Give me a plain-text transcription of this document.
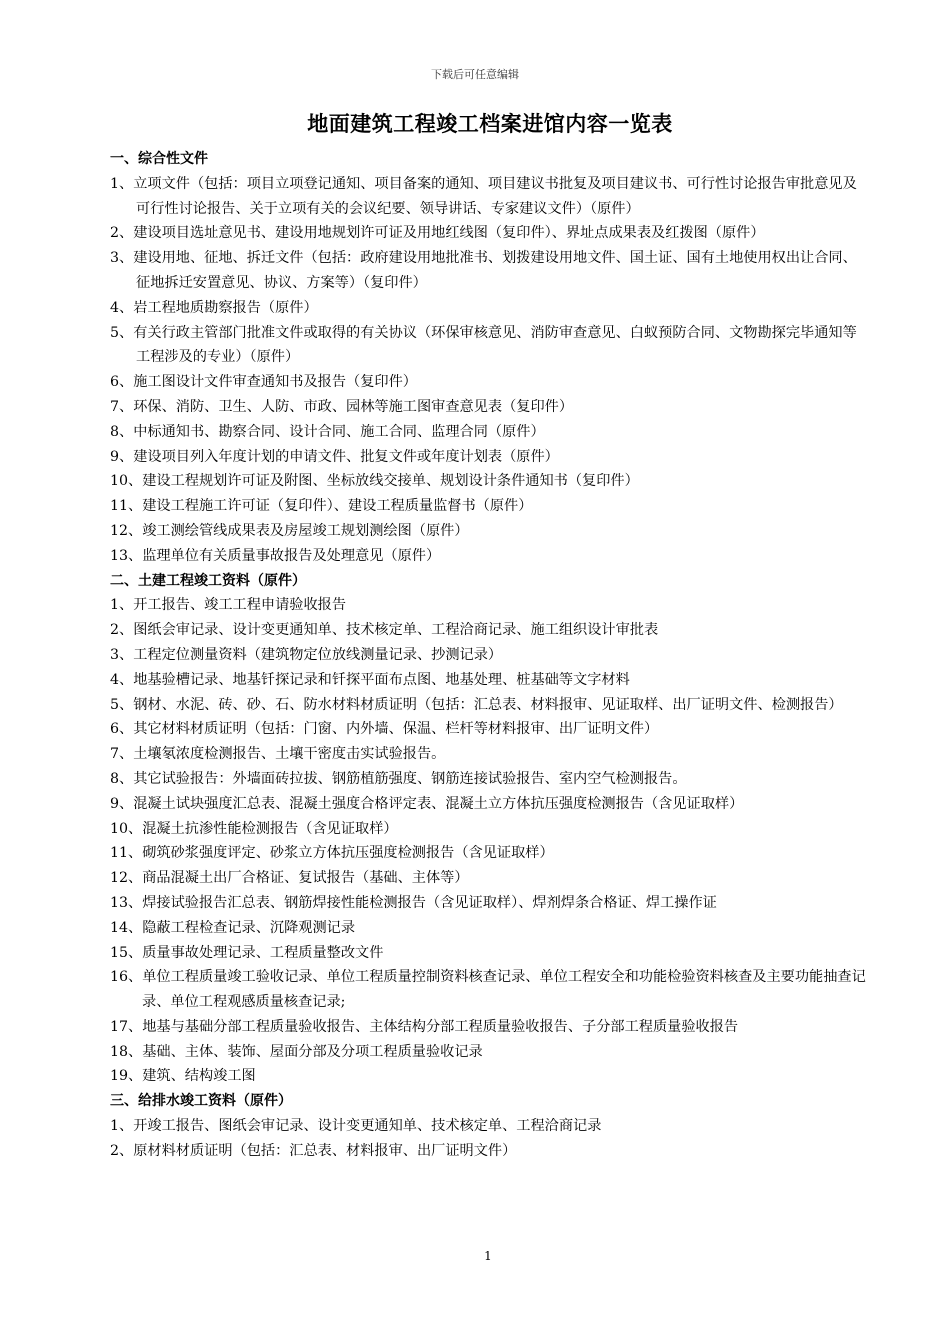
下载后可任意编辑
地面建筑工程竣工档案进馆内容一览表
一、综合性文件
1、立项文件（包括：项目立项登记通知、项目备案的通知、项目建议书批复及项目建议书、可行性讨论报告审批意见及可行性讨论报告、关于立项有关的会议纪要、领导讲话、专家建议文件）（原件）
2、建设项目选址意见书、建设用地规划许可证及用地红线图（复印件）、界址点成果表及红拨图（原件）
3、建设用地、征地、拆迁文件（包括：政府建设用地批准书、划拨建设用地文件、国土证、国有土地使用权出让合同、征地拆迁安置意见、协议、方案等）（复印件）
4、岩工程地质勘察报告（原件）
5、有关行政主管部门批准文件或取得的有关协议（环保审核意见、消防审查意见、白蚁预防合同、文物勘探完毕通知等工程涉及的专业）（原件）
6、施工图设计文件审查通知书及报告（复印件）
7、环保、消防、卫生、人防、市政、园林等施工图审查意见表（复印件）
8、中标通知书、勘察合同、设计合同、施工合同、监理合同（原件）
9、建设项目列入年度计划的申请文件、批复文件或年度计划表（原件）
10、建设工程规划许可证及附图、坐标放线交接单、规划设计条件通知书（复印件）
11、建设工程施工许可证（复印件）、建设工程质量监督书（原件）
12、竣工测绘管线成果表及房屋竣工规划测绘图（原件）
13、监理单位有关质量事故报告及处理意见（原件）
二、土建工程竣工资料（原件）
1、开工报告、竣工工程申请验收报告
2、图纸会审记录、设计变更通知单、技术核定单、工程洽商记录、施工组织设计审批表
3、工程定位测量资料（建筑物定位放线测量记录、抄测记录）
4、地基验槽记录、地基钎探记录和钎探平面布点图、地基处理、桩基础等文字材料
5、钢材、水泥、砖、砂、石、防水材料材质证明（包括：汇总表、材料报审、见证取样、出厂证明文件、检测报告）
6、其它材料材质证明（包括：门窗、内外墙、保温、栏杆等材料报审、出厂证明文件）
7、土壤氡浓度检测报告、土壤干密度击实试验报告。
8、其它试验报告：外墙面砖拉拔、钢筋植筋强度、钢筋连接试验报告、室内空气检测报告。
9、混凝土试块强度汇总表、混凝土强度合格评定表、混凝土立方体抗压强度检测报告（含见证取样）
10、混凝土抗渗性能检测报告（含见证取样）
11、砌筑砂浆强度评定、砂浆立方体抗压强度检测报告（含见证取样）
12、商品混凝土出厂合格证、复试报告（基础、主体等）
13、焊接试验报告汇总表、钢筋焊接性能检测报告（含见证取样）、焊剂焊条合格证、焊工操作证
14、隐蔽工程检查记录、沉降观测记录
15、质量事故处理记录、工程质量整改文件
16、单位工程质量竣工验收记录、单位工程质量控制资料核查记录、单位工程安全和功能检验资料核查及主要功能抽查记录、单位工程观感质量核查记录;
17、地基与基础分部工程质量验收报告、主体结构分部工程质量验收报告、子分部工程质量验收报告
18、基础、主体、装饰、屋面分部及分项工程质量验收记录
19、建筑、结构竣工图
三、给排水竣工资料（原件）
1、开竣工报告、图纸会审记录、设计变更通知单、技术核定单、工程洽商记录
2、原材料材质证明（包括：汇总表、材料报审、出厂证明文件）
1
